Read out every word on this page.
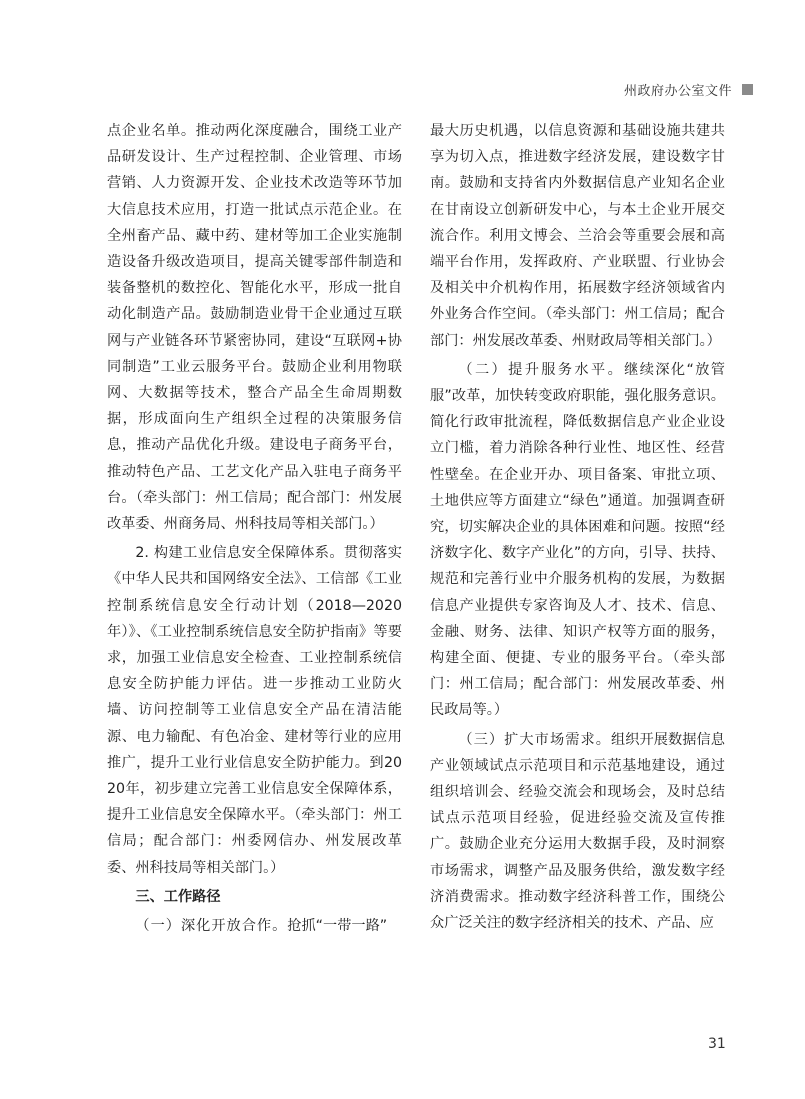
州政府办公室文件

点企业名单。推动两化深度融合，围绕工业产品研发设计、生产过程控制、企业管理、市场营销、人力资源开发、企业技术改造等环节加大信息技术应用，打造一批试点示范企业。在全州畜产品、藏中药、建材等加工企业实施制造设备升级改造项目，提高关键零部件制造和装备整机的数控化、智能化水平，形成一批自动化制造产品。鼓励制造业骨干企业通过互联网与产业链各环节紧密协同，建设“互联网+协同制造”工业云服务平台。鼓励企业利用物联网、大数据等技术，整合产品全生命周期数据，形成面向生产组织全过程的决策服务信息，推动产品优化升级。建设电子商务平台，推动特色产品、工艺文化产品入驻电子商务平台。（牵头部门：州工信局；配合部门：州发展改革委、州商务局、州科技局等相关部门。）

2. 构建工业信息安全保障体系。贯彻落实《中华人民共和国网络安全法》、工信部《工业控制系统信息安全行动计划（2018—2020年）》、《工业控制系统信息安全防护指南》等要求，加强工业信息安全检查、工业控制系统信息安全防护能力评估。进一步推动工业防火墙、访问控制等工业信息安全产品在清洁能源、电力输配、有色冶金、建材等行业的应用推广，提升工业行业信息安全防护能力。到2020年，初步建立完善工业信息安全保障体系，提升工业信息安全保障水平。（牵头部门：州工信局；配合部门：州委网信办、州发展改革委、州科技局等相关部门。）

三、工作路径

（一）深化开放合作。抢抓“一带一路”

最大历史机遇，以信息资源和基础设施共建共享为切入点，推进数字经济发展，建设数字甘南。鼓励和支持省内外数据信息产业知名企业在甘南设立创新研发中心，与本土企业开展交流合作。利用文博会、兰洽会等重要会展和高端平台作用，发挥政府、产业联盟、行业协会及相关中介机构作用，拓展数字经济领域省内外业务合作空间。（牵头部门：州工信局；配合部门：州发展改革委、州财政局等相关部门。）

（二）提升服务水平。继续深化“放管服”改革，加快转变政府职能，强化服务意识。简化行政审批流程，降低数据信息产业企业设立门槛，着力消除各种行业性、地区性、经营性壁垒。在企业开办、项目备案、审批立项、土地供应等方面建立“绿色”通道。加强调查研究，切实解决企业的具体困难和问题。按照“经济数字化、数字产业化”的方向，引导、扶持、规范和完善行业中介服务机构的发展，为数据信息产业提供专家咨询及人才、技术、信息、金融、财务、法律、知识产权等方面的服务，构建全面、便捷、专业的服务平台。（牵头部门：州工信局；配合部门：州发展改革委、州民政局等。）

（三）扩大市场需求。组织开展数据信息产业领域试点示范项目和示范基地建设，通过组织培训会、经验交流会和现场会，及时总结试点示范项目经验，促进经验交流及宣传推广。鼓励企业充分运用大数据手段，及时洞察市场需求，调整产品及服务供给，激发数字经济消费需求。推动数字经济科普工作，围绕公众广泛关注的数字经济相关的技术、产品、应

31
